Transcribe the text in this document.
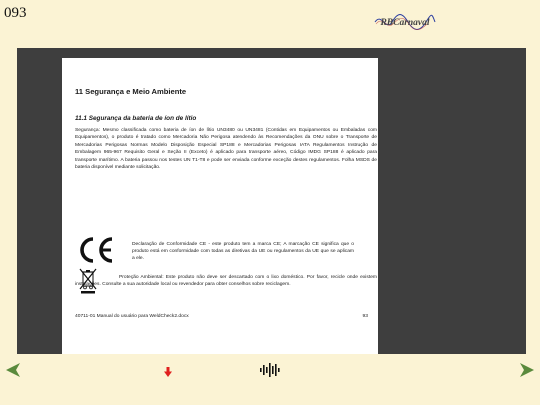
093
RBCarnaval
11 Segurança e Meio Ambiente
11.1 Segurança da bateria de íon de lítio
Segurança: Mesmo classificada como bateria de íon de lítio UN3480 ou UN3481 (Contidas em Equipamentos ou Embaladas com Equipamentos), o produto é tratado como Mercadoria Não Perigosa atendendo às Recomendações da ONU sobre o Transporte de Mercadorias Perigosas Normas Modelo Disposição Especial SP188 e Mercadorias Perigosas IATA Regulamentos Instrução de Embalagem 965-967 Requisito Geral e Seção II (Exceto) é aplicado para transporte aéreo, Código IMDG SP188 é aplicado para transporte marítimo. A bateria passou nos testes UN T1-T8 e pode ser enviada conforme exceção destes regulamentos. Folha MSDS de bateria disponível mediante solicitação.
Declaração de Conformidade CE - este produto tem a marca CE; A marcação CE significa que o produto está em conformidade com todas as diretivas da UE ou regulamentos da UE que se aplicam a ele.
Proteção Ambiental: Este produto não deve ser descartado com o lixo doméstico. Por favor, recicle onde existem instalações. Consulte a sua autoridade local ou revendedor para obter conselhos sobre reciclagem.
40711-01 Manual do usuário para WeldCheck2.docx	93
